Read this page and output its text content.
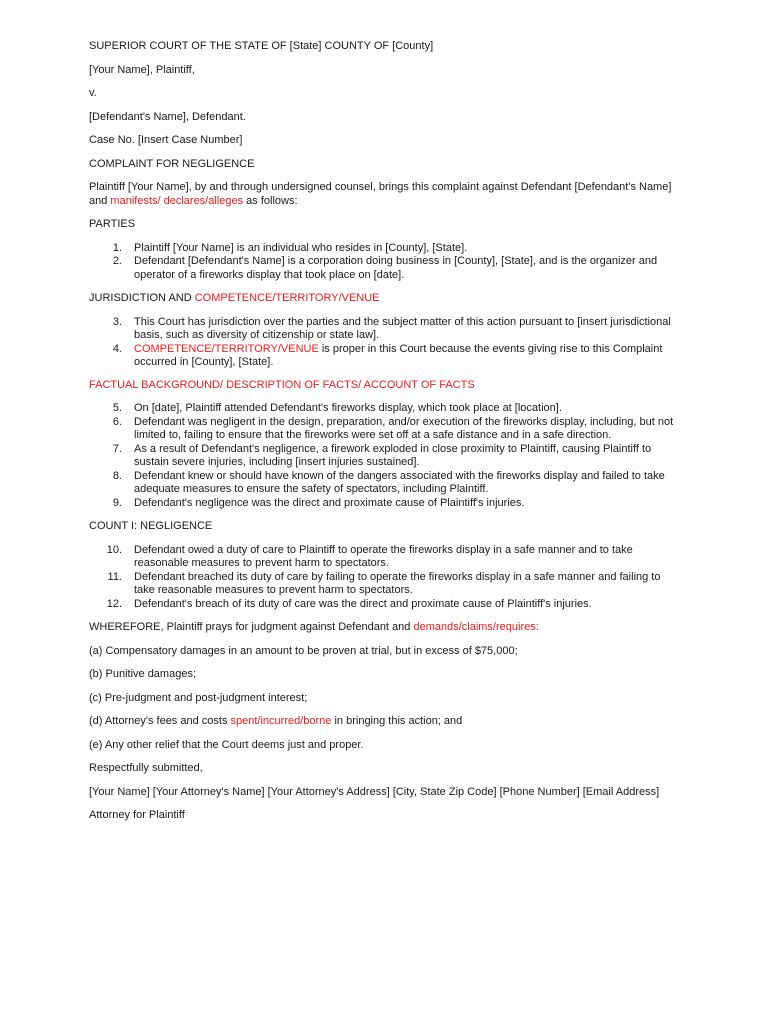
SUPERIOR COURT OF THE STATE OF [State] COUNTY OF [County]

[Your Name], Plaintiff,

v.

[Defendant's Name], Defendant.

Case No. [Insert Case Number]

COMPLAINT FOR NEGLIGENCE

Plaintiff [Your Name], by and through undersigned counsel, brings this complaint against Defendant [Defendant's Name] and manifests/ declares/alleges as follows:

PARTIES

1. Plaintiff [Your Name] is an individual who resides in [County], [State].
2. Defendant [Defendant's Name] is a corporation doing business in [County], [State], and is the organizer and operator of a fireworks display that took place on [date].

JURISDICTION AND COMPETENCE/TERRITORY/VENUE

3. This Court has jurisdiction over the parties and the subject matter of this action pursuant to [insert jurisdictional basis, such as diversity of citizenship or state law].
4. COMPETENCE/TERRITORY/VENUE is proper in this Court because the events giving rise to this Complaint occurred in [County], [State].

FACTUAL BACKGROUND/ DESCRIPTION OF FACTS/ ACCOUNT OF FACTS

5. On [date], Plaintiff attended Defendant's fireworks display, which took place at [location].
6. Defendant was negligent in the design, preparation, and/or execution of the fireworks display, including, but not limited to, failing to ensure that the fireworks were set off at a safe distance and in a safe direction.
7. As a result of Defendant's negligence, a firework exploded in close proximity to Plaintiff, causing Plaintiff to sustain severe injuries, including [insert injuries sustained].
8. Defendant knew or should have known of the dangers associated with the fireworks display and failed to take adequate measures to ensure the safety of spectators, including Plaintiff.
9. Defendant's negligence was the direct and proximate cause of Plaintiff's injuries.

COUNT I: NEGLIGENCE

10. Defendant owed a duty of care to Plaintiff to operate the fireworks display in a safe manner and to take reasonable measures to prevent harm to spectators.
11. Defendant breached its duty of care by failing to operate the fireworks display in a safe manner and failing to take reasonable measures to prevent harm to spectators.
12. Defendant's breach of its duty of care was the direct and proximate cause of Plaintiff's injuries.

WHEREFORE, Plaintiff prays for judgment against Defendant and demands/claims/requires:

(a) Compensatory damages in an amount to be proven at trial, but in excess of $75,000;

(b) Punitive damages;

(c) Pre-judgment and post-judgment interest;

(d) Attorney's fees and costs spent/incurred/borne in bringing this action; and

(e) Any other relief that the Court deems just and proper.

Respectfully submitted,

[Your Name] [Your Attorney's Name] [Your Attorney's Address] [City, State Zip Code] [Phone Number] [Email Address]

Attorney for Plaintiff
